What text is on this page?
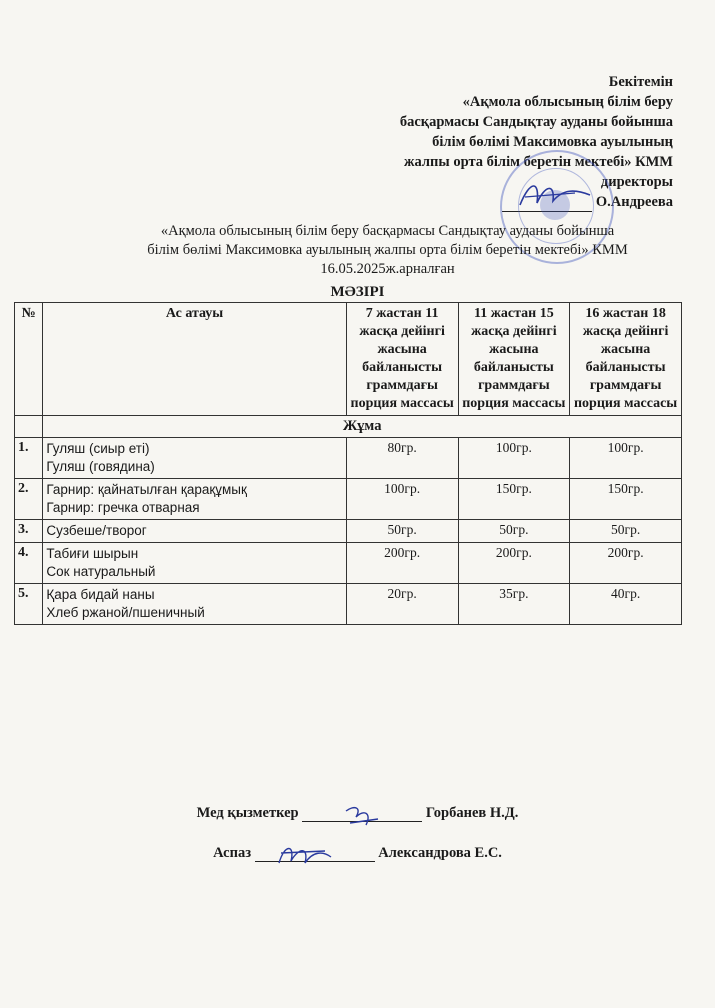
Бекітемін
«Ақмола облысының білім беру
басқармасы Сандықтау ауданы бойынша
білім бөлімі Максимовка ауылының
жалпы орта білім беретін мектебі» КММ
директоры
О.Андреева
«Ақмола облысының білім беру басқармасы Сандықтау ауданы бойынша
білім бөлімі Максимовка ауылының жалпы орта білім беретін мектебі» КММ
16.05.2025ж.арналған
МӘЗІРІ
№	Ас атауы	7 жастан 11 жасқа дейінгі жасына байланысты граммдағы порция массасы	11 жастан 15 жасқа дейінгі жасына байланысты граммдағы порция массасы	16 жастан 18 жасқа дейінгі жасына байланысты граммдағы порция массасы
	Жұма			
1.	Гуляш (сиыр еті)
Гуляш (говядина)	80гр.	100гр.	100гр.
2.	Гарнир: қайнатылған қарақұмық
Гарнир: гречка отварная	100гр.	150гр.	150гр.
3.	Сузбеше/творог	50гр.	50гр.	50гр.
4.	Табиғи шырын
Сок натуральный	200гр.	200гр.	200гр.
5.	Қара бидай наны
Хлеб ржаной/пшеничный	20гр.	35гр.	40гр.
Мед қызметкер	Горбанев Н.Д.
Аспаз	Александрова Е.С.
